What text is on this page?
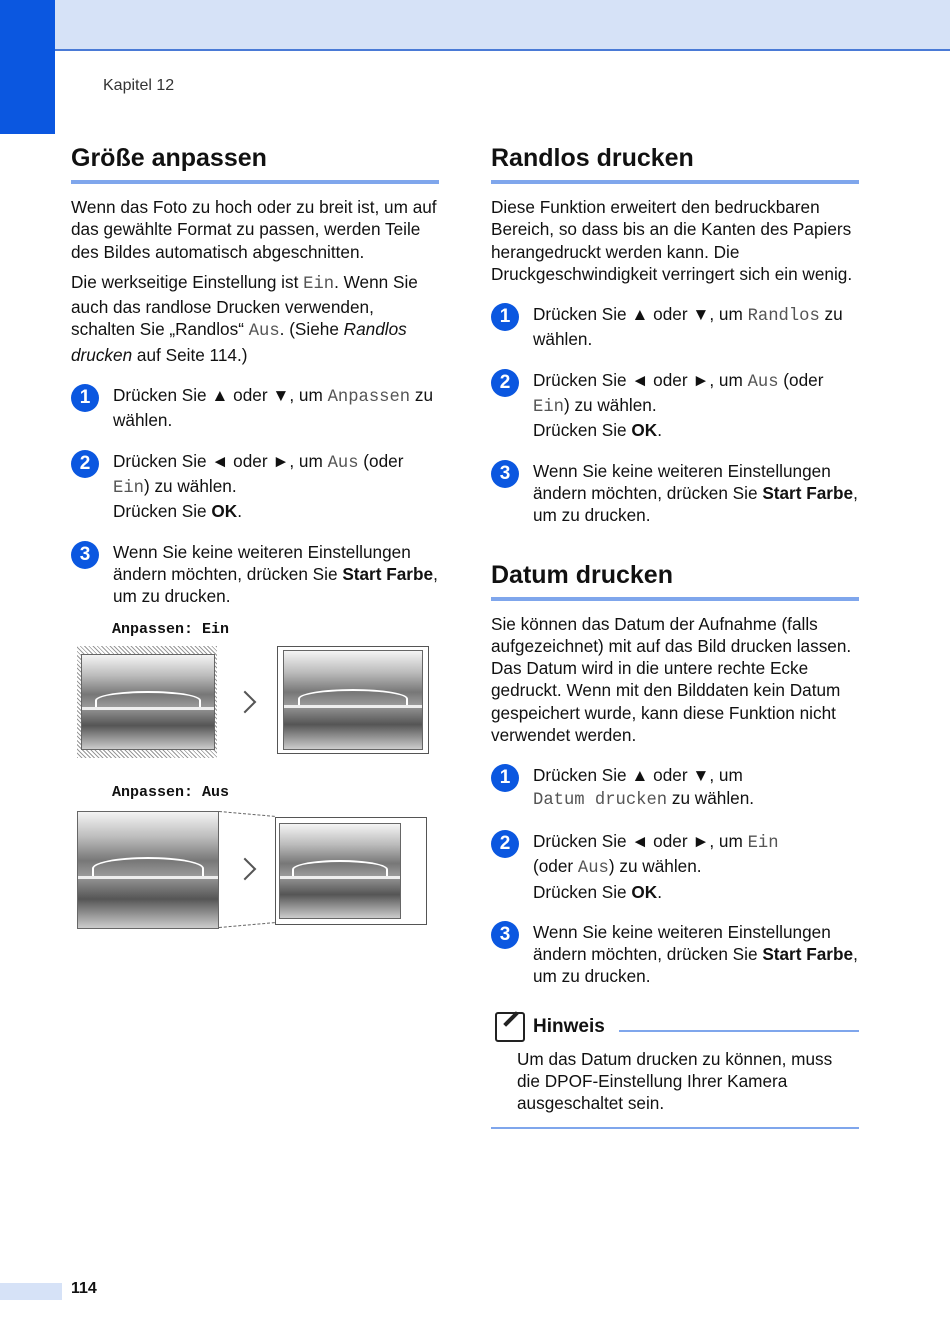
Kapitel 12
Größe anpassen

Wenn das Foto zu hoch oder zu breit ist, um auf das gewählte Format zu passen, werden Teile des Bildes automatisch abgeschnitten.

Die werkseitige Einstellung ist Ein. Wenn Sie auch das randlose Drucken verwenden, schalten Sie „Randlos“ Aus. (Siehe Randlos drucken auf Seite 114.)

1	Drücken Sie ▲ oder ▼, um Anpassen zu wählen.

2	Drücken Sie ◄ oder ►, um Aus (oder Ein) zu wählen.
Drücken Sie OK.

3	Wenn Sie keine weiteren Einstellungen ändern möchten, drücken Sie Start Farbe, um zu drucken.

Anpassen: Ein
Anpassen: Aus
Randlos drucken

Diese Funktion erweitert den bedruckbaren Bereich, so dass bis an die Kanten des Papiers herangedruckt werden kann. Die Druckgeschwindigkeit verringert sich ein wenig.

1	Drücken Sie ▲ oder ▼, um Randlos zu wählen.

2	Drücken Sie ◄ oder ►, um Aus (oder Ein) zu wählen.
Drücken Sie OK.

3	Wenn Sie keine weiteren Einstellungen ändern möchten, drücken Sie Start Farbe, um zu drucken.

Datum drucken

Sie können das Datum der Aufnahme (falls aufgezeichnet) mit auf das Bild drucken lassen. Das Datum wird in die untere rechte Ecke gedruckt. Wenn mit den Bilddaten kein Datum gespeichert wurde, kann diese Funktion nicht verwendet werden.

1	Drücken Sie ▲ oder ▼, um
Datum drucken zu wählen.

2	Drücken Sie ◄ oder ►, um Ein
(oder Aus) zu wählen.
Drücken Sie OK.

3	Wenn Sie keine weiteren Einstellungen ändern möchten, drücken Sie Start Farbe, um zu drucken.

Hinweis

Um das Datum drucken zu können, muss die DPOF-Einstellung Ihrer Kamera ausgeschaltet sein.

114
